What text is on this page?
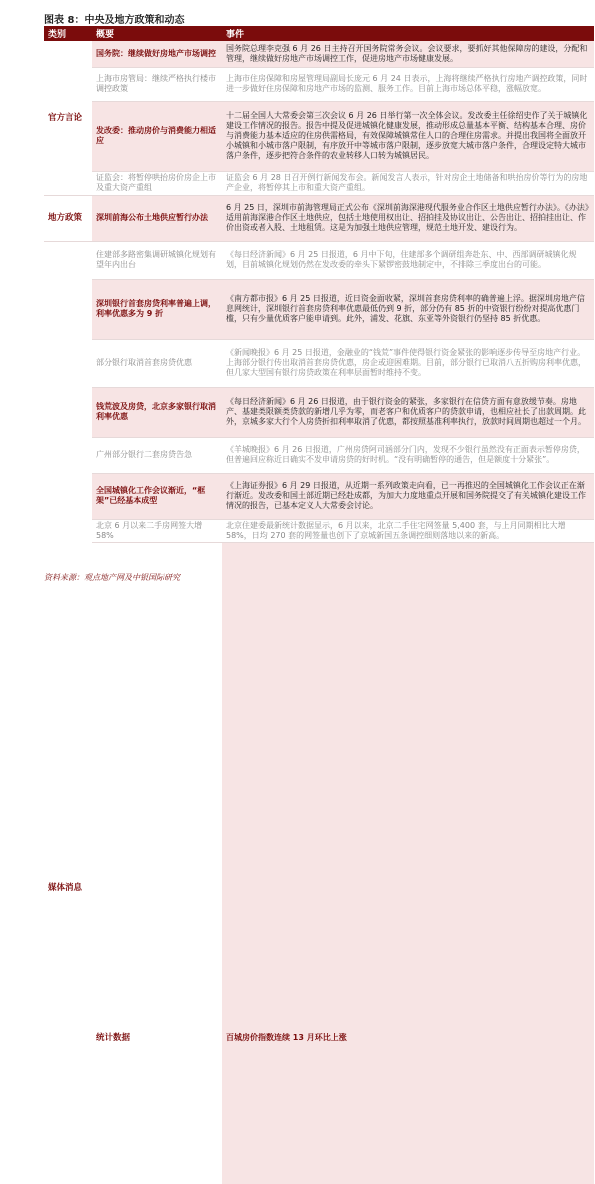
图表 8：中央及地方政策和动态
类别	概要	事件	
官方言论	国务院：继续做好房地产市场调控	国务院总理李克强 6 月 26 日主持召开国务院常务会议。会议要求，要抓好其他保障房的建设，分配和管理，继续做好房地产市场调控工作，促进房地产市场健康发展。	
	上海市房管局：继续严格执行楼市调控政策	上海市住房保障和房屋管理局副局长庞元 6 月 24 日表示，上海将继续严格执行房地产调控政策，同时进一步做好住房保障和房地产市场的监测、服务工作。目前上海市场总体平稳，涨幅放宽。	
	发改委：推动房价与消费能力相适应	十二届全国人大常委会第三次会议 6 月 26 日举行第一次全体会议。发改委主任徐绍史作了关于城镇化建设工作情况的报告。报告中提及促进城镇化健康发展，推动形成总量基本平衡、结构基本合理、房价与消费能力基本适应的住房供需格局，有效保障城镇常住人口的合理住房需求。并提出我国将全面放开小城镇和小城市落户限制，有序放开中等城市落户限制，逐步放宽大城市落户条件，合理设定特大城市落户条件，逐步把符合条件的农业转移人口转为城镇居民。	
	证监会：将暂停哄抬房价房企上市及重大资产重组	证监会 6 月 28 日召开例行新闻发布会。新闻发言人表示，针对房企土地储备和哄抬房价等行为的房地产企业，将暂停其上市和重大资产重组。	
地方政策	深圳前海公布土地供应暂行办法	6 月 25 日，深圳市前海管理局正式公布《深圳前海深港现代服务业合作区土地供应暂行办法》。《办法》适用前海深港合作区土地供应，包括土地使用权出让、招拍挂及协议出让、公告出让、招拍挂出让、作价出资或者入股、土地租赁。这是为加强土地供应管理，规范土地开发、建设行为。	
媒体消息	住建部多路密集调研城镇化规划有望年内出台	《每日经济新闻》6 月 25 日报道，6 月中下旬，住建部多个调研组奔赴东、中、西部调研城镇化规划，目前城镇化规划仍然在发改委的牵头下紧锣密鼓地制定中，不排除三季度出台的可能。	
	深圳银行首套房贷利率普遍上调，利率优惠多为 9 折	《南方都市报》6 月 25 日报道，近日资金面收紧，深圳首套房贷利率的确普遍上浮。据深圳房地产信息网统计，深圳银行首套房贷利率优惠最低仍到 9 折，部分仍有 85 折的中资银行纷纷对提高优惠门槛，只有少量优质客户能申请到。此外，浦发、花旗、东亚等外资银行仍坚持 85 折优惠。	
	部分银行取消首套房贷优惠	《新闻晚报》6 月 25 日报道，金融业的“钱荒”事件使得银行资金紧张的影响逐步传导至房地产行业。上海部分银行传出取消首套房贷优惠，房企或迎困难期。目前，部分银行已取消八五折购房利率优惠，但几家大型国有银行房贷政策在利率层面暂时维持不变。	
	钱荒波及房贷，北京多家银行取消利率优惠	《每日经济新闻》6 月 26 日报道，由于银行资金的紧张，多家银行在信贷方面有意放缓节奏。房地产、基建类限额类贷款的新增几乎为零，而老客户和优质客户的贷款申请，也相应社长了出款周期。此外，京城多家大行个人房贷折扣利率取消了优惠，都按照基准利率执行，放款时间周期也超过一个月。	
	广州部分银行二套房贷告急	《羊城晚报》6 月 26 日报道，广州房贷阿司涵部分门内，发现不少银行虽然没有正面表示暂停房贷，但普遍回应称近日确实不发申请房贷的好时机。“没有明确暂停的通告，但是额度十分紧张”。	
	全国城镇化工作会议渐近，“框架”已经基本成型	《上海证券报》6 月 29 日报道，从近期一系列政策走向看，已一再推迟的全国城镇化工作会议正在渐行渐近。发改委和国土部近期已经赴成都，为加大力度地重点开展和国务院提交了有关城镇化建设工作情况的报告，已基本定义人大常委会讨论。	
	北京 6 月以来二手房网签大增 58%	北京住建委最新统计数据显示，6 月以来，北京二手住宅网签量 5,400 套，与上月同期相比大增 58%，日均 270 套的网签量也创下了京城新国五条调控细则落地以来的新高。	
	统计数据	百城房价指数连续 13 月环比上涨	
资料来源：观点地产网及中银国际研究
